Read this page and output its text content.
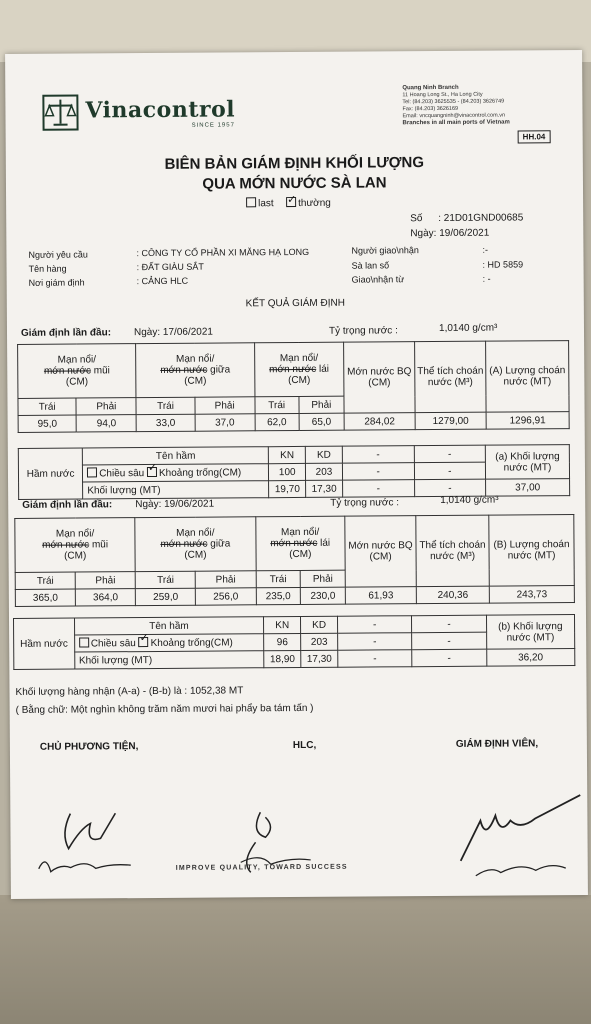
Vinacontrol
SINCE 1957
Quang Ninh Branch
11 Hoang Long St., Ha Long City
Tel: (84.203) 3625535 - (84.203) 3626749
Fax: (84.203) 3626169
Email: vncquangninh@vinacontrol.com.vn
Branches in all main ports of Vietnam
HH.04
BIÊN BẢN GIÁM ĐỊNH KHỐI LƯỢNG
QUA MỚN NƯỚC SÀ LAN
last ✓	thường
Số : 21D01GND00685
Ngày: 19/06/2021
Người yêu cầu	: CÔNG TY CỔ PHẦN XI MĂNG HẠ LONG
Tên hàng	: ĐẤT GIÀU SẮT
Nơi giám định	: CẢNG HLC
Người giao\nhận	:-
Sà lan số	: HD 5859
Giao\nhận từ	: -
KẾT QUẢ GIÁM ĐỊNH
Giám định lần đầu: Ngày: 17/06/2021	Tỷ trọng nước :	1,0140 g/cm³
Mạn nổi/
mớn nước mũi
(CM)		Mạn nổi/
mớn nước giữa
(CM)		Mạn nổi/
mớn nước lái
(CM)		Mớn nước BQ (CM)	Thể tích choán nước (M³)	(A) Lượng choán nước (MT)
Trái	Phải	Trái	Phải	Trái	Phải			
95,0	94,0	33,0	37,0	62,0	65,0	284,02	1279,00	1296,91
Hầm nước	Tên hầm	KN	KD	-	-	(a) Khối lượng nước (MT)
	Chiều sâu ✓ Khoảng trống(CM)	100	203	-	-	
	Khối lượng (MT)	19,70	17,30	-	-	37,00
Giám định lần đầu: Ngày: 19/06/2021	Tỷ trọng nước :	1,0140 g/cm³
Mạn nổi/
mớn nước mũi
(CM)		Mạn nổi/
mớn nước giữa
(CM)		Mạn nổi/
mớn nước lái
(CM)		Mớn nước BQ (CM)	Thể tích choán nước (M³)	(B) Lượng choán nước (MT)
Trái	Phải	Trái	Phải	Trái	Phải			
365,0	364,0	259,0	256,0	235,0	230,0	61,93	240,36	243,73
Hầm nước	Tên hầm	KN	KD	-	-	(b) Khối lượng nước (MT)
	Chiều sâu ✓ Khoảng trống(CM)	96	203	-	-	
	Khối lượng (MT)	18,90	17,30	-	-	36,20
Khối lượng hàng nhận (A-a) - (B-b) là : 1052,38 MT
( Bằng chữ: Một nghìn không trăm năm mươi hai phẩy ba tám tấn )
CHỦ PHƯƠNG TIỆN,	HLC,	GIÁM ĐỊNH VIÊN,
IMPROVE QUALITY, TOWARD SUCCESS
